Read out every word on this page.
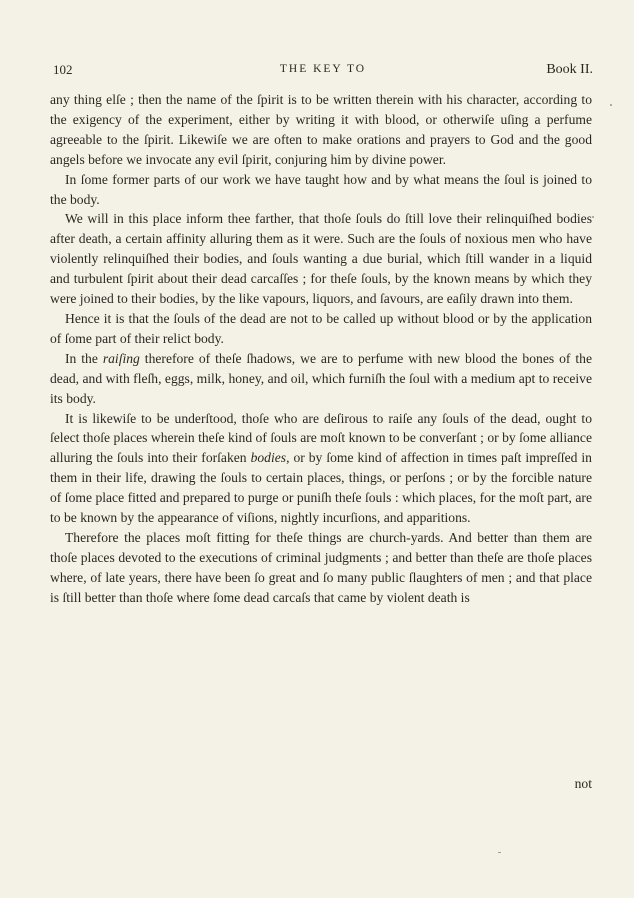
102	THE KEY TO	Book II.

any thing elſe ; then the name of the ſpirit is to be written therein with his character, according to the exigency of the experiment, either by writing it with blood, or otherwiſe uſing a perfume agreeable to the ſpirit. Likewiſe we are often to make orations and prayers to God and the good angels before we invocate any evil ſpirit, conjuring him by divine power.

In ſome former parts of our work we have taught how and by what means the ſoul is joined to the body.

We will in this place inform thee farther, that thoſe ſouls do ſtill love their relinquiſhed bodies after death, a certain affinity alluring them as it were. Such are the ſouls of noxious men who have violently relinquiſhed their bodies, and ſouls wanting a due burial, which ſtill wander in a liquid and turbulent ſpirit about their dead carcaſſes ; for theſe ſouls, by the known means by which they were joined to their bodies, by the like vapours, liquors, and ſavours, are eaſily drawn into them.

Hence it is that the ſouls of the dead are not to be called up without blood or by the application of ſome part of their relict body.

In the raiſing therefore of theſe ſhadows, we are to perfume with new blood the bones of the dead, and with fleſh, eggs, milk, honey, and oil, which furniſh the ſoul with a medium apt to receive its body.

It is likewiſe to be underſtood, thoſe who are deſirous to raiſe any ſouls of the dead, ought to ſelect thoſe places wherein theſe kind of ſouls are moſt known to be converſant ; or by ſome alliance alluring the ſouls into their forſaken bodies, or by ſome kind of affection in times paſt impreſſed in them in their life, drawing the ſouls to certain places, things, or perſons ; or by the forcible nature of ſome place fitted and prepared to purge or puniſh theſe ſouls : which places, for the moſt part, are to be known by the appearance of viſions, nightly incurſions, and apparitions.

Therefore the places moſt fitting for theſe things are church-yards. And better than them are thoſe places devoted to the executions of criminal judgments ; and better than theſe are thoſe places where, of late years, there have been ſo great and ſo many public ſlaughters of men ; and that place is ſtill better than thoſe where ſome dead carcaſs that came by violent death is

not
